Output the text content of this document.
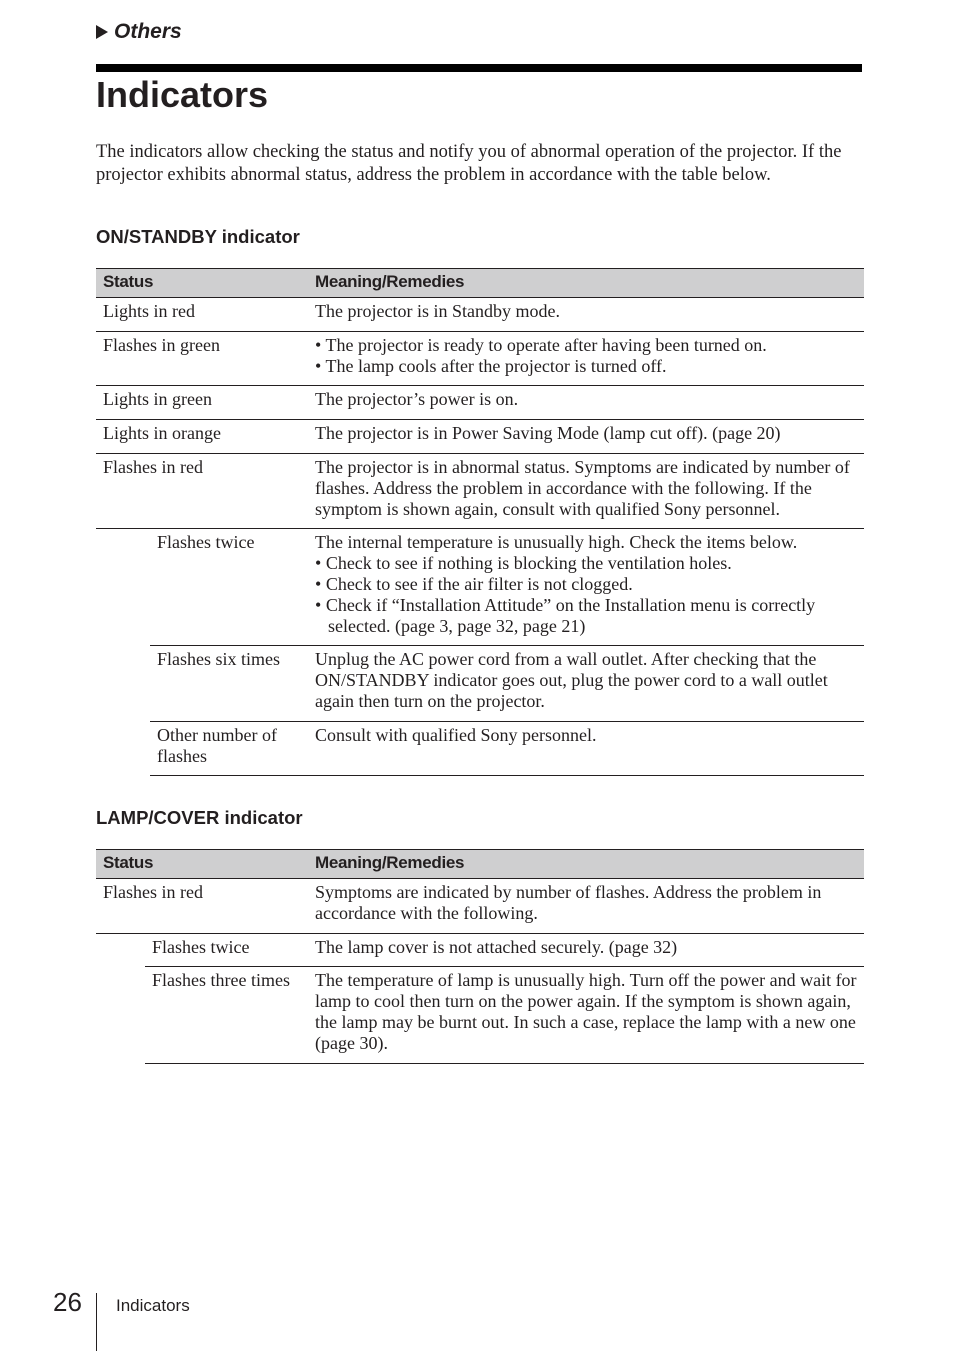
Others
Indicators

The indicators allow checking the status and notify you of abnormal operation of the projector. If the projector exhibits abnormal status, address the problem in accordance with the table below.

ON/STANDBY indicator
Status		Meaning/Remedies
Lights in red		The projector is in Standby mode.
Flashes in green		• The projector is ready to operate after having been turned on.
• The lamp cools after the projector is turned off.

Lights in green		The projector’s power is on.
Lights in orange		The projector is in Power Saving Mode (lamp cut off). (page 20)
Flashes in red		The projector is in abnormal status. Symptoms are indicated by number of flashes. Address the problem in accordance with the following. If the symptom is shown again, consult with qualified Sony personnel.
	Flashes twice	The internal temperature is unusually high. Check the items below.
• Check to see if nothing is blocking the ventilation holes.
• Check to see if the air filter is not clogged.
• Check if “Installation Attitude” on the Installation menu is correctly selected. (page 3, page 32, page 21)

	Flashes six times	Unplug the AC power cord from a wall outlet. After checking that the ON/STANDBY indicator goes out, plug the power cord to a wall outlet again then turn on the projector.
	Other number of flashes	Consult with qualified Sony personnel.
LAMP/COVER indicator
Status		Meaning/Remedies
Flashes in red		Symptoms are indicated by number of flashes. Address the problem in accordance with the following.
	Flashes twice	The lamp cover is not attached securely. (page 32)
	Flashes three times	The temperature of lamp is unusually high. Turn off the power and wait for lamp to cool then turn on the power again. If the symptom is shown again, the lamp may be burnt out. In such a case, replace the lamp with a new one (page 30).
26 Indicators
